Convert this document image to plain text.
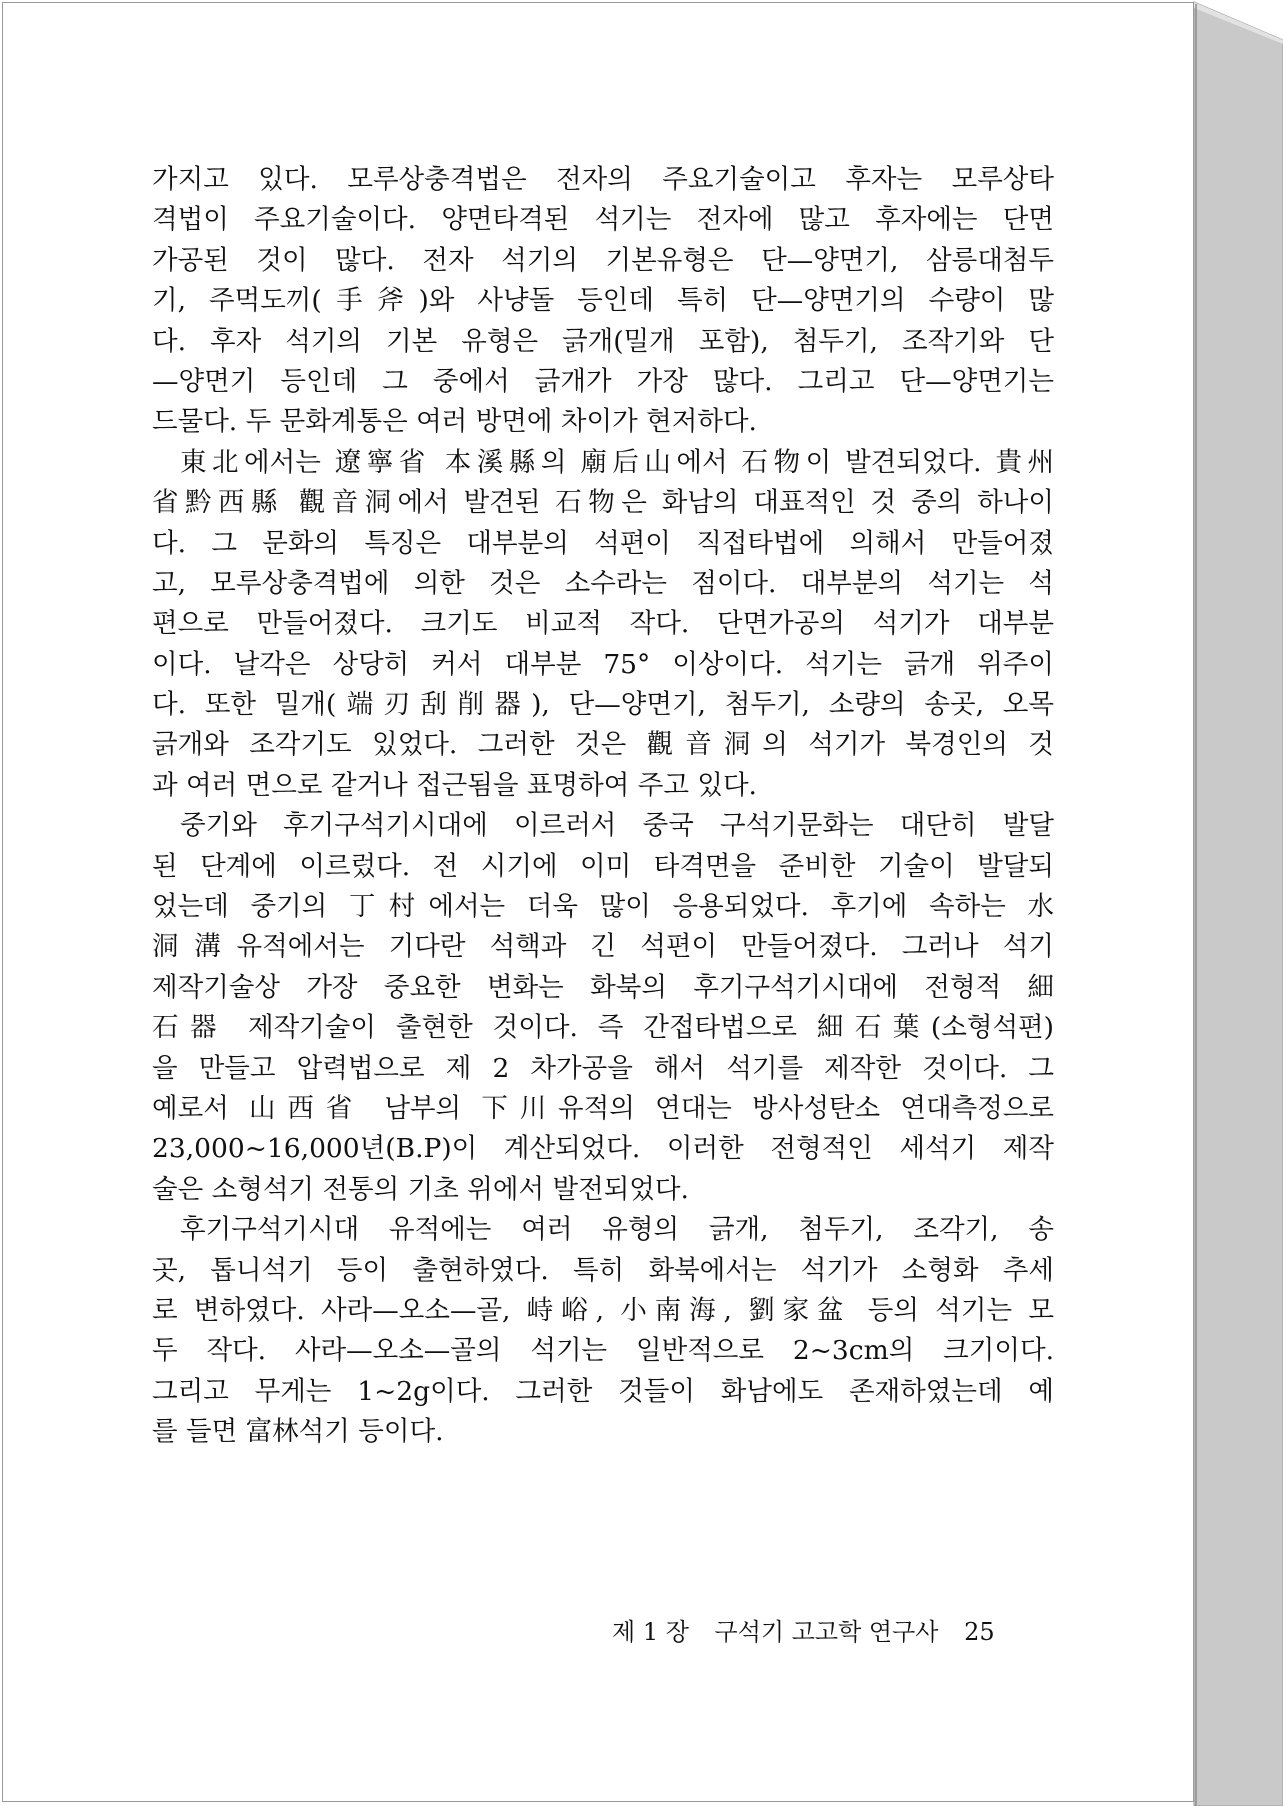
가지고 있다. 모루상충격법은 전자의 주요기술이고 후자는 모루상타
격법이 주요기술이다. 양면타격된 석기는 전자에 많고 후자에는 단면
가공된 것이 많다. 전자 석기의 기본유형은 단—양면기, 삼릉대첨두
기, 주먹도끼(手斧)와 사냥돌 등인데 특히 단—양면기의 수량이 많
다. 후자 석기의 기본 유형은 긁개(밀개 포함), 첨두기, 조작기와 단
—양면기 등인데 그 중에서 긁개가 가장 많다. 그리고 단—양면기는
드물다. 두 문화계통은 여러 방면에 차이가 현저하다.
東北에서는 遼寧省 本溪縣의 廟后山에서 石物이 발견되었다. 貴州
省黔西縣 觀音洞에서 발견된 石物은 화남의 대표적인 것 중의 하나이
다. 그 문화의 특징은 대부분의 석편이 직접타법에 의해서 만들어졌
고, 모루상충격법에 의한 것은 소수라는 점이다. 대부분의 석기는 석
편으로 만들어졌다. 크기도 비교적 작다. 단면가공의 석기가 대부분
이다. 날각은 상당히 커서 대부분 75° 이상이다. 석기는 긁개 위주이
다. 또한 밀개(端刃刮削器), 단—양면기, 첨두기, 소량의 송곳, 오목
긁개와 조각기도 있었다. 그러한 것은 觀音洞의 석기가 북경인의 것
과 여러 면으로 같거나 접근됨을 표명하여 주고 있다.
중기와 후기구석기시대에 이르러서 중국 구석기문화는 대단히 발달
된 단계에 이르렀다. 전 시기에 이미 타격면을 준비한 기술이 발달되
었는데 중기의 丁村에서는 더욱 많이 응용되었다. 후기에 속하는 水
洞溝유적에서는 기다란 석핵과 긴 석편이 만들어졌다. 그러나 석기
제작기술상 가장 중요한 변화는 화북의 후기구석기시대에 전형적 細
石器 제작기술이 출현한 것이다. 즉 간접타법으로 細石葉(소형석편)
을 만들고 압력법으로 제 2 차가공을 해서 석기를 제작한 것이다. 그
예로서 山西省 남부의 下川유적의 연대는 방사성탄소 연대측정으로
23,000~16,000년(B.P)이 계산되었다. 이러한 전형적인 세석기 제작
술은 소형석기 전통의 기초 위에서 발전되었다.
후기구석기시대 유적에는 여러 유형의 긁개, 첨두기, 조각기, 송
곳, 톱니석기 등이 출현하였다. 특히 화북에서는 석기가 소형화 추세
로 변하였다. 사라—오소—골, 峙峪, 小南海, 劉家盆 등의 석기는 모
두 작다. 사라—오소—골의 석기는 일반적으로 2~3cm의 크기이다.
그리고 무게는 1~2g이다. 그러한 것들이 화남에도 존재하였는데 예
를 들면 富林석기 등이다.
제 1 장 구석기 고고학 연구사 25
